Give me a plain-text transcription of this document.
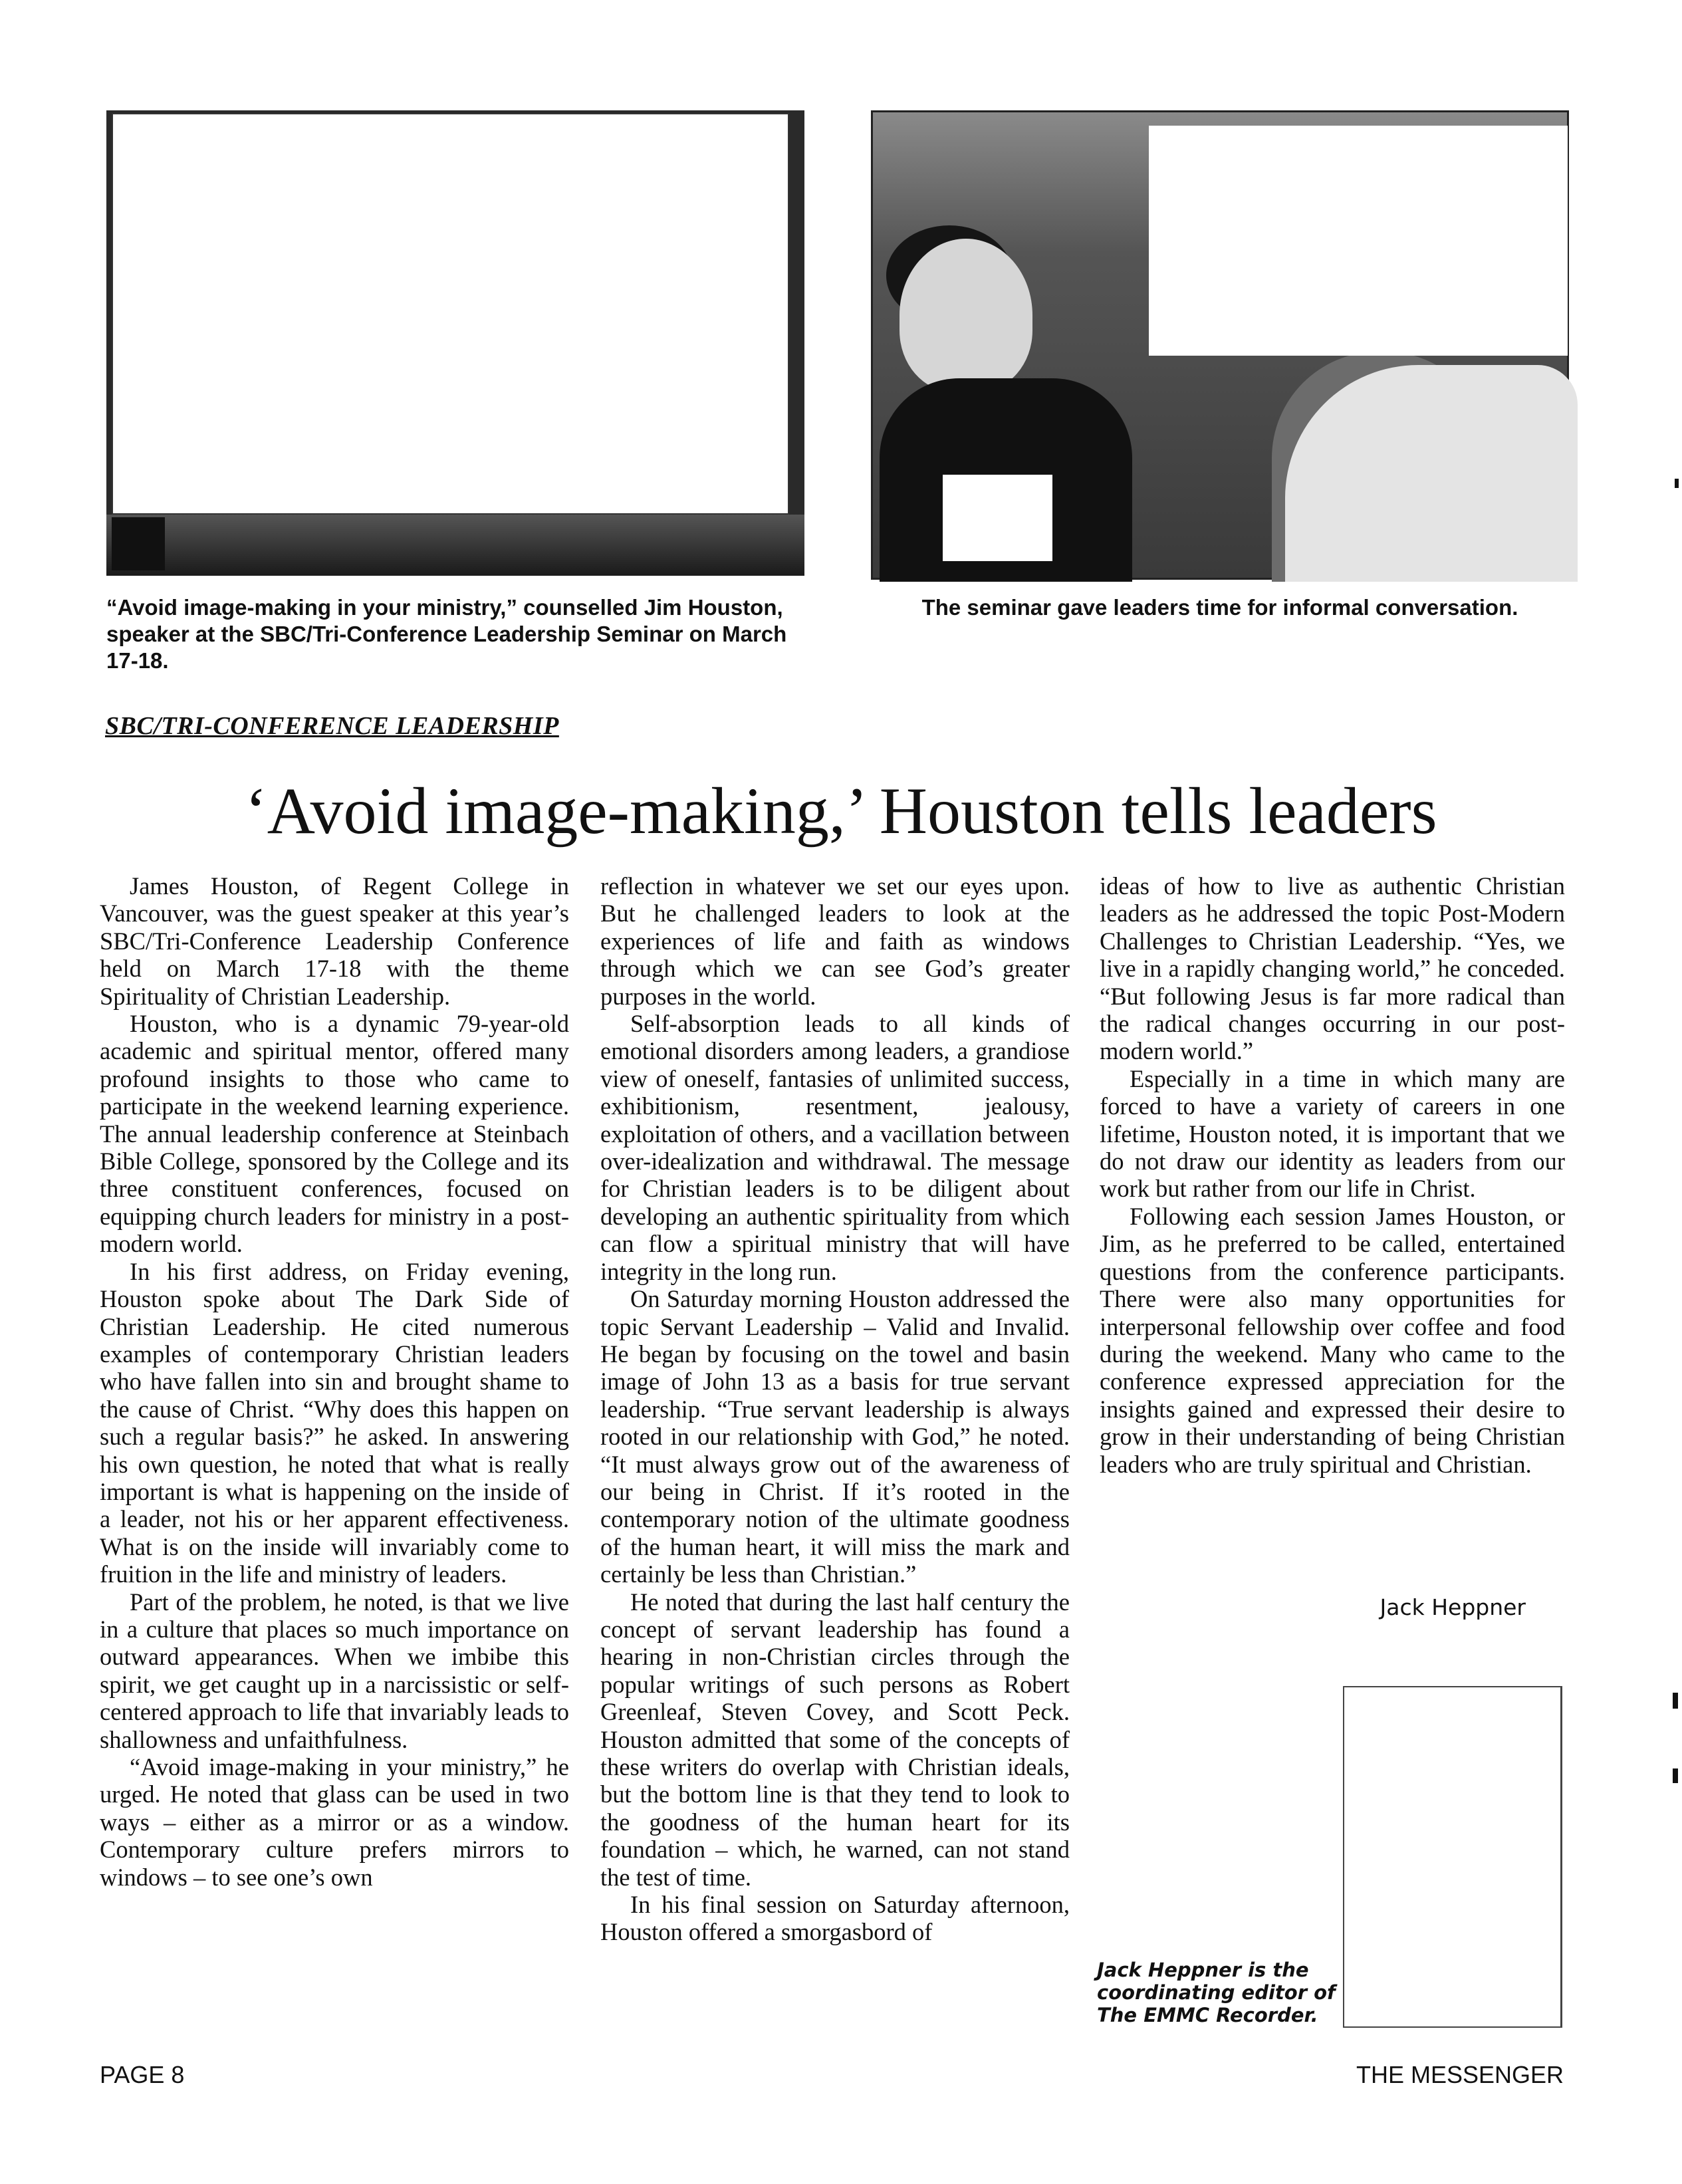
“Avoid image-making in your ministry,” counselled Jim Houston, speaker at the SBC/Tri-Conference Leadership Seminar on March 17-18.
The seminar gave leaders time for informal conversation.
SBC/TRI-CONFERENCE LEADERSHIP
‘Avoid image-making,’ Houston tells leaders

James Houston, of Regent College in Vancouver, was the guest speaker at this year’s SBC/Tri-Conference Leadership Conference held on March 17-18 with the theme Spirituality of Christian Leadership.

Houston, who is a dynamic 79-year-old academic and spiritual mentor, offered many profound insights to those who came to participate in the weekend learning experience. The annual leadership conference at Steinbach Bible College, sponsored by the College and its three constituent conferences, focused on equipping church leaders for ministry in a post-modern world.

In his first address, on Friday evening, Houston spoke about The Dark Side of Christian Leadership. He cited numerous examples of contemporary Christian leaders who have fallen into sin and brought shame to the cause of Christ. “Why does this happen on such a regular basis?” he asked. In answering his own question, he noted that what is really important is what is happening on the inside of a leader, not his or her apparent effectiveness. What is on the inside will invariably come to fruition in the life and ministry of leaders.

Part of the problem, he noted, is that we live in a culture that places so much importance on outward appearances. When we imbibe this spirit, we get caught up in a narcissistic or self-centered approach to life that invariably leads to shallowness and unfaithfulness.

“Avoid image-making in your ministry,” he urged. He noted that glass can be used in two ways – either as a mirror or as a window. Contemporary culture prefers mirrors to windows – to see one’s own

reflection in whatever we set our eyes upon. But he challenged leaders to look at the experiences of life and faith as windows through which we can see God’s greater purposes in the world.

Self-absorption leads to all kinds of emotional disorders among leaders, a grandiose view of oneself, fantasies of unlimited success, exhibitionism, resentment, jealousy, exploitation of others, and a vacillation between over-idealization and withdrawal. The message for Christian leaders is to be diligent about developing an authentic spirituality from which can flow a spiritual ministry that will have integrity in the long run.

On Saturday morning Houston addressed the topic Servant Leadership – Valid and Invalid. He began by focusing on the towel and basin image of John 13 as a basis for true servant leadership. “True servant leadership is always rooted in our relationship with God,” he noted. “It must always grow out of the awareness of our being in Christ. If it’s rooted in the contemporary notion of the ultimate goodness of the human heart, it will miss the mark and certainly be less than Christian.”

He noted that during the last half century the concept of servant leadership has found a hearing in non-Christian circles through the popular writings of such persons as Robert Greenleaf, Steven Covey, and Scott Peck. Houston admitted that some of the concepts of these writers do overlap with Christian ideals, but the bottom line is that they tend to look to the goodness of the human heart for its foundation – which, he warned, can not stand the test of time.

In his final session on Saturday afternoon, Houston offered a smorgasbord of

ideas of how to live as authentic Christian leaders as he addressed the topic Post-Modern Challenges to Christian Leadership. “Yes, we live in a rapidly changing world,” he conceded. “But following Jesus is far more radical than the radical changes occurring in our post-modern world.”

Especially in a time in which many are forced to have a variety of careers in one lifetime, Houston noted, it is important that we do not draw our identity as leaders from our work but rather from our life in Christ.

Following each session James Houston, or Jim, as he preferred to be called, entertained questions from the conference participants. There were also many opportunities for interpersonal fellowship over coffee and food during the weekend. Many who came to the conference expressed appreciation for the insights gained and expressed their desire to grow in their understanding of being Christian leaders who are truly spiritual and Christian.

Jack Heppner
Jack Heppner is the coordinating editor of The EMMC Recorder.
PAGE 8	THE MESSENGER
